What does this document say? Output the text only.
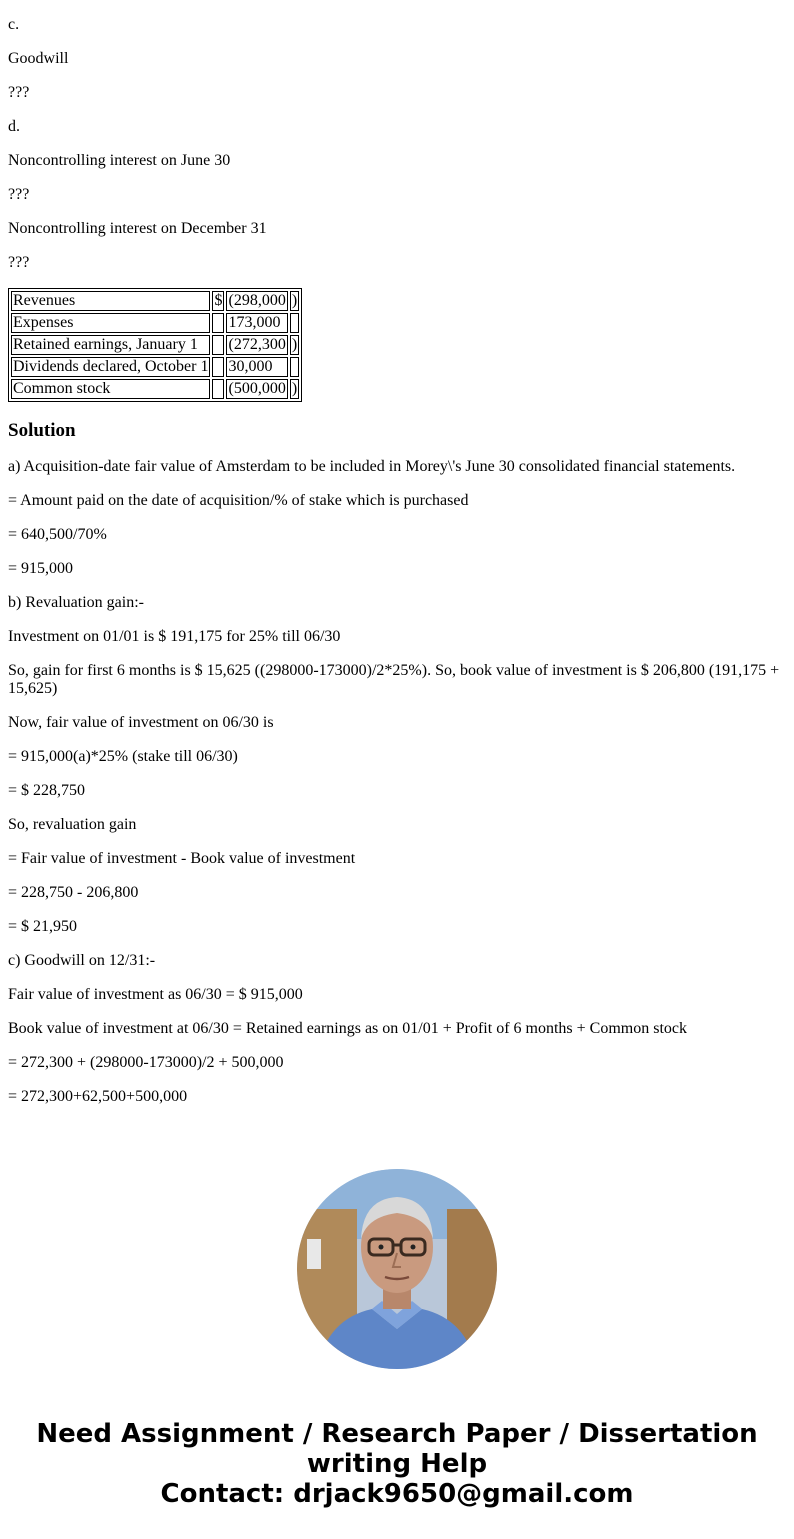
c.

Goodwill

???

d.

Noncontrolling interest on June 30

???

Noncontrolling interest on December 31

???

Revenues	$	(298,000	)
Expenses		173,000	
Retained earnings, January 1		(272,300	)
Dividends declared, October 1		30,000	
Common stock		(500,000	)
Solution

a) Acquisition-date fair value of Amsterdam to be included in Morey\'s June 30 consolidated financial statements.

= Amount paid on the date of acquisition/% of stake which is purchased

= 640,500/70%

= 915,000

b) Revaluation gain:-

Investment on 01/01 is $ 191,175 for 25% till 06/30

So, gain for first 6 months is $ 15,625 ((298000-173000)/2*25%). So, book value of investment is $ 206,800 (191,175 + 15,625)

Now, fair value of investment on 06/30 is

= 915,000(a)*25% (stake till 06/30)

= $ 228,750

So, revaluation gain

= Fair value of investment - Book value of investment

= 228,750 - 206,800

= $ 21,950

c) Goodwill on 12/31:-

Fair value of investment as 06/30 = $ 915,000

Book value of investment at 06/30 = Retained earnings as on 01/01 + Profit of 6 months + Common stock

= 272,300 + (298000-173000)/2 + 500,000

= 272,300+62,500+500,000

Need Assignment / Research Paper / Dissertation
writing Help
Contact: drjack9650@gmail.com
